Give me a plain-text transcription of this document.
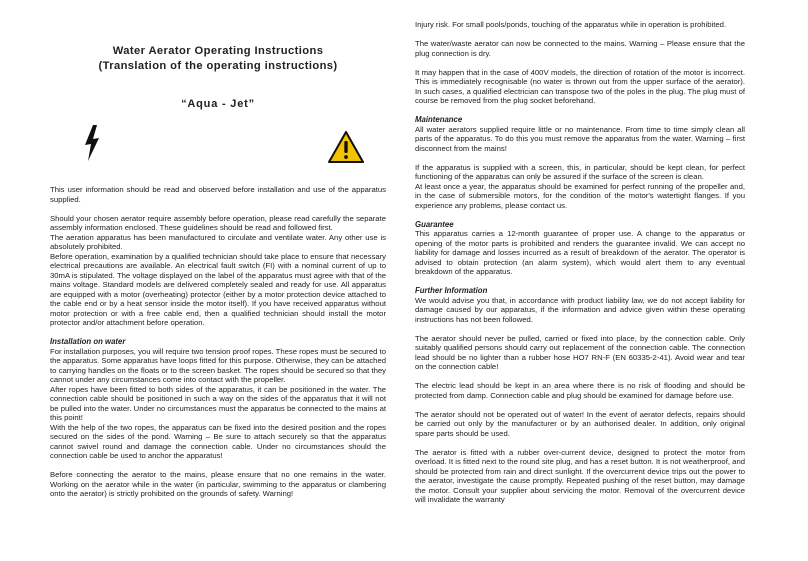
Water Aerator Operating Instructions
(Translation of the operating instructions)
“Aqua - Jet”

This user information should be read and observed before installation and use of the apparatus supplied.

Should your chosen aerator require assembly before operation, please read carefully the separate assembly information enclosed. These guidelines should be read and followed first.

The aeration apparatus has been manufactured to circulate and ventilate water. Any other use is absolutely prohibited.

Before operation, examination by a qualified technician should take place to ensure that necessary electrical precautions are available. An electrical fault switch (FI) with a nominal current of up to 30mA is stipulated. The voltage displayed on the label of the apparatus must agree with that of the mains voltage. Standard models are delivered completely sealed and ready for use. All apparatus are equipped with a motor (overheating) protector (either by a motor protection device attached to the cable end or by a heat sensor inside the motor itself). If you have received apparatus without motor protection or with a free cable end, then a qualified technician should install the motor protector and/or attachment before operation.

Installation on water

For installation purposes, you will require two tension proof ropes. These ropes must be secured to the apparatus. Some apparatus have loops fitted for this purpose. Otherwise, they can be attached to carrying handles on the floats or to the screen basket. The ropes should be secured so that they cannot under any circumstances come into contact with the propeller.

After ropes have been fitted to both sides of the apparatus, it can be positioned in the water. The connection cable should be positioned in such a way on the sides of the apparatus that it will not be pulled into the water. Under no circumstances must the apparatus be connected to the mains at this point!

With the help of the two ropes, the apparatus can be fixed into the desired position and the ropes secured on the sides of the pond. Warning – Be sure to attach securely so that the apparatus cannot swivel round and damage the connection cable. Under no circumstances should the connection cable be used to anchor the apparatus!

Before connecting the aerator to the mains, please ensure that no one remains in the water. Working on the aerator while in the water (in particular, swimming to the apparatus or clambering onto the aerator) is strictly prohibited on the grounds of safety. Warning!

Injury risk. For small pools/ponds, touching of the apparatus while in operation is prohibited.

The water/waste aerator can now be connected to the mains. Warning – Please ensure that the plug connection is dry.

It may happen that in the case of 400V models, the direction of rotation of the motor is incorrect. This is immediately recognisable (no water is thrown out from the upper surface of the aerator). In such cases, a qualified electrician can transpose two of the poles in the plug. The plug must of course be removed from the plug socket beforehand.

Maintenance

All water aerators supplied require little or no maintenance. From time to time simply clean all parts of the apparatus. To do this you must remove the apparatus from the water. Warning – first disconnect from the mains!

If the apparatus is supplied with a screen, this, in particular, should be kept clean, for perfect functioning of the apparatus can only be assured if the surface of the screen is clean.

At least once a year, the apparatus should be examined for perfect running of the propeller and, in the case of submersible motors, for the condition of the motor's watertight flanges. If you experience any problems, please contact us.

Guarantee

This apparatus carries a 12-month guarantee of proper use. A change to the apparatus or opening of the motor parts is prohibited and renders the guarantee invalid. We can accept no liability for damage and losses incurred as a result of breakdown of the aerator. The operator is advised to obtain protection (an alarm system), which would alert them to any eventual breakdown of the apparatus.

Further Information

We would advise you that, in accordance with product liability law, we do not accept liability for damage caused by our apparatus, if the information and advice given within these operating instructions has not been followed.

The aerator should never be pulled, carried or fixed into place, by the connection cable. Only suitably qualified persons should carry out replacement of the connection cable. The connection lead should be no lighter than a rubber hose HO7 RN-F (EN 60335-2-41). Avoid wear and tear on the connection cable!

The electric lead should be kept in an area where there is no risk of flooding and should be protected from damp. Connection cable and plug should be examined for damage before use.

The aerator should not be operated out of water! In the event of aerator defects, repairs should be carried out only by the manufacturer or by an authorised dealer. In addition, only original spare parts should be used.

The aerator is fitted with a rubber over-current device, designed to protect the motor from overload. It is fitted next to the round site plug, and has a reset button. It is not weatherproof, and should be protected from rain and direct sunlight. If the overcurrent device trips out the power to the aerator, investigate the cause promptly. Repeated pushing of the reset button, may damage the motor. Consult your supplier about servicing the motor. Removal of the overcurrent device will invalidate the warranty
